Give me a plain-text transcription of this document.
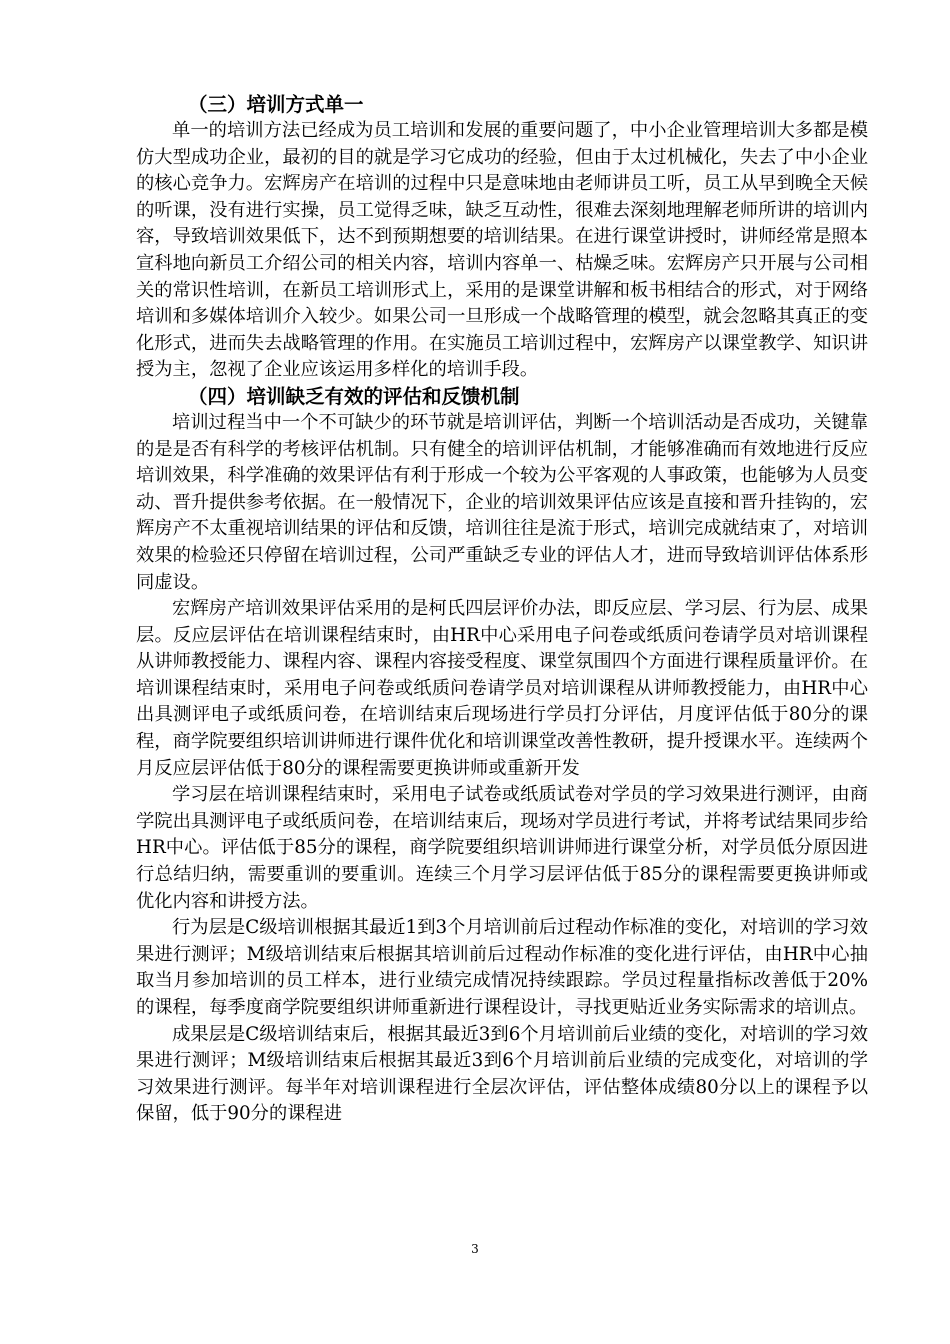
（三）培训方式单一

单一的培训方法已经成为员工培训和发展的重要问题了，中小企业管理培训大多都是模仿大型成功企业，最初的目的就是学习它成功的经验，但由于太过机械化，失去了中小企业的核心竞争力。宏辉房产在培训的过程中只是意味地由老师讲员工听，员工从早到晚全天候的听课，没有进行实操，员工觉得乏味，缺乏互动性，很难去深刻地理解老师所讲的培训内容，导致培训效果低下，达不到预期想要的培训结果。在进行课堂讲授时，讲师经常是照本宣科地向新员工介绍公司的相关内容，培训内容单一、枯燥乏味。宏辉房产只开展与公司相关的常识性培训，在新员工培训形式上，采用的是课堂讲解和板书相结合的形式，对于网络培训和多媒体培训介入较少。如果公司一旦形成一个战略管理的模型，就会忽略其真正的变化形式，进而失去战略管理的作用。在实施员工培训过程中，宏辉房产以课堂教学、知识讲授为主，忽视了企业应该运用多样化的培训手段。

（四）培训缺乏有效的评估和反馈机制

培训过程当中一个不可缺少的环节就是培训评估，判断一个培训活动是否成功，关键靠的是是否有科学的考核评估机制。只有健全的培训评估机制，才能够准确而有效地进行反应培训效果，科学准确的效果评估有利于形成一个较为公平客观的人事政策，也能够为人员变动、晋升提供参考依据。在一般情况下，企业的培训效果评估应该是直接和晋升挂钩的，宏辉房产不太重视培训结果的评估和反馈，培训往往是流于形式，培训完成就结束了，对培训效果的检验还只停留在培训过程，公司严重缺乏专业的评估人才，进而导致培训评估体系形同虚设。

宏辉房产培训效果评估采用的是柯氏四层评价办法，即反应层、学习层、行为层、成果层。反应层评估在培训课程结束时，由HR中心采用电子问卷或纸质问卷请学员对培训课程从讲师教授能力、课程内容、课程内容接受程度、课堂氛围四个方面进行课程质量评价。在培训课程结束时，采用电子问卷或纸质问卷请学员对培训课程从讲师教授能力，由HR中心出具测评电子或纸质问卷，在培训结束后现场进行学员打分评估，月度评估低于80分的课程，商学院要组织培训讲师进行课件优化和培训课堂改善性教研，提升授课水平。连续两个月反应层评估低于80分的课程需要更换讲师或重新开发

学习层在培训课程结束时，采用电子试卷或纸质试卷对学员的学习效果进行测评，由商学院出具测评电子或纸质问卷，在培训结束后，现场对学员进行考试，并将考试结果同步给HR中心。评估低于85分的课程，商学院要组织培训讲师进行课堂分析，对学员低分原因进行总结归纳，需要重训的要重训。连续三个月学习层评估低于85分的课程需要更换讲师或优化内容和讲授方法。

行为层是C级培训根据其最近1到3个月培训前后过程动作标准的变化，对培训的学习效果进行测评；M级培训结束后根据其培训前后过程动作标准的变化进行评估，由HR中心抽取当月参加培训的员工样本，进行业绩完成情况持续跟踪。学员过程量指标改善低于20%的课程，每季度商学院要组织讲师重新进行课程设计，寻找更贴近业务实际需求的培训点。

成果层是C级培训结束后，根据其最近3到6个月培训前后业绩的变化，对培训的学习效果进行测评；M级培训结束后根据其最近3到6个月培训前后业绩的完成变化，对培训的学习效果进行测评。每半年对培训课程进行全层次评估，评估整体成绩80分以上的课程予以保留，低于90分的课程进

3
